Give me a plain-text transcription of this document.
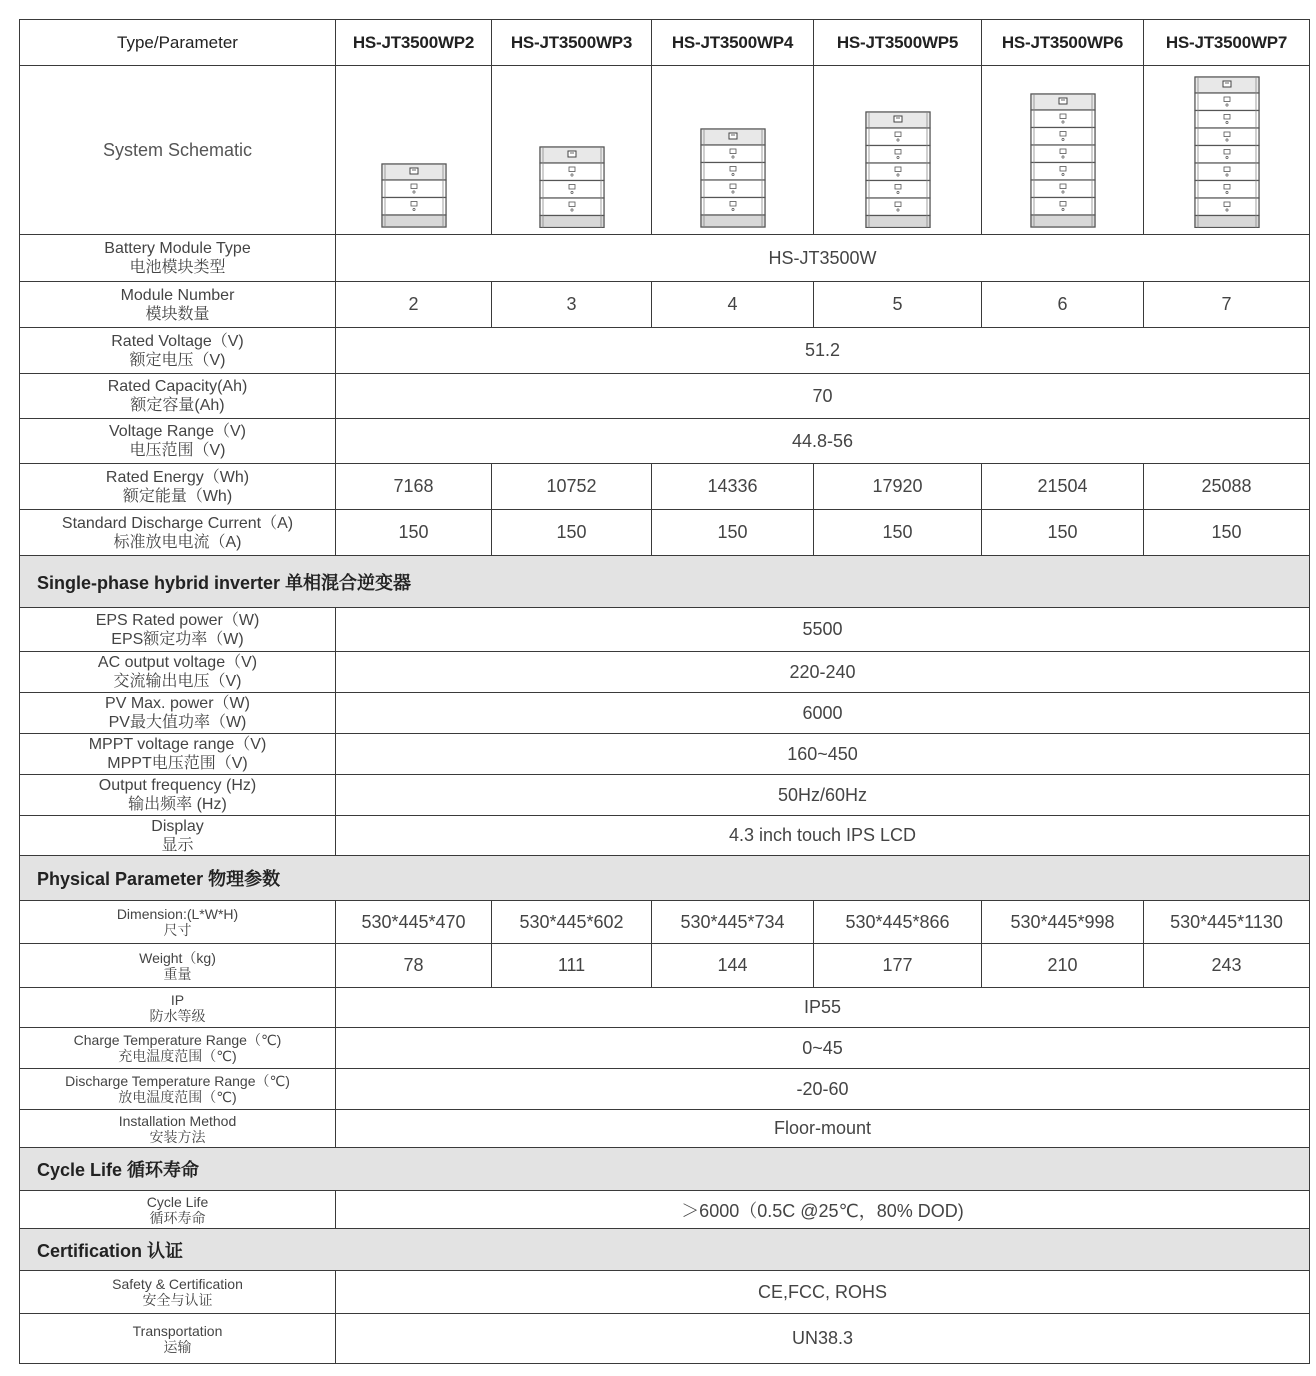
Type/Parameter	HS-JT3500WP2	HS-JT3500WP3	HS-JT3500WP4	HS-JT3500WP5	HS-JT3500WP6	HS-JT3500WP7
System Schematic						

Battery Module Type
电池模块类型	HS-JT3500W					

Module Number
模块数量	2	3	4	5	6	7

Rated Voltage（V)
额定电压（V)	51.2					

Rated Capacity(Ah)
额定容量(Ah)	70					

Voltage Range（V)
电压范围（V)	44.8-56					

Rated Energy（Wh)
额定能量（Wh)	7168	10752	14336	17920	21504	25088

Standard Discharge Current（A)
标准放电电流（A)	150	150	150	150	150	150
Single-phase hybrid inverter 单相混合逆变器						

EPS Rated power（W)
EPS额定功率（W)	5500					

AC output voltage（V)
交流输出电压（V)	220-240					

PV Max. power（W)
PV最大值功率（W)	6000					

MPPT voltage range（V)
MPPT电压范围（V)	160~450					

Output frequency (Hz)
输出频率 (Hz)	50Hz/60Hz					

Display
显示	4.3 inch touch IPS LCD					
Physical Parameter 物理参数						

Dimension:(L*W*H)
尺寸	530*445*470	530*445*602	530*445*734	530*445*866	530*445*998	530*445*1130

Weight（kg)
重量	78	111	144	177	210	243

IP
防水等级	IP55					

Charge Temperature Range（℃)
充电温度范围（℃)	0~45					

Discharge Temperature Range（℃)
放电温度范围（℃)	-20-60					

Installation Method
安装方法	Floor-mount					
Cycle Life 循环寿命						

Cycle Life
循环寿命	＞6000（0.5C @25℃，80% DOD)					
Certification 认证						

Safety & Certification
安全与认证	CE,FCC, ROHS					

Transportation
运输	UN38.3					
